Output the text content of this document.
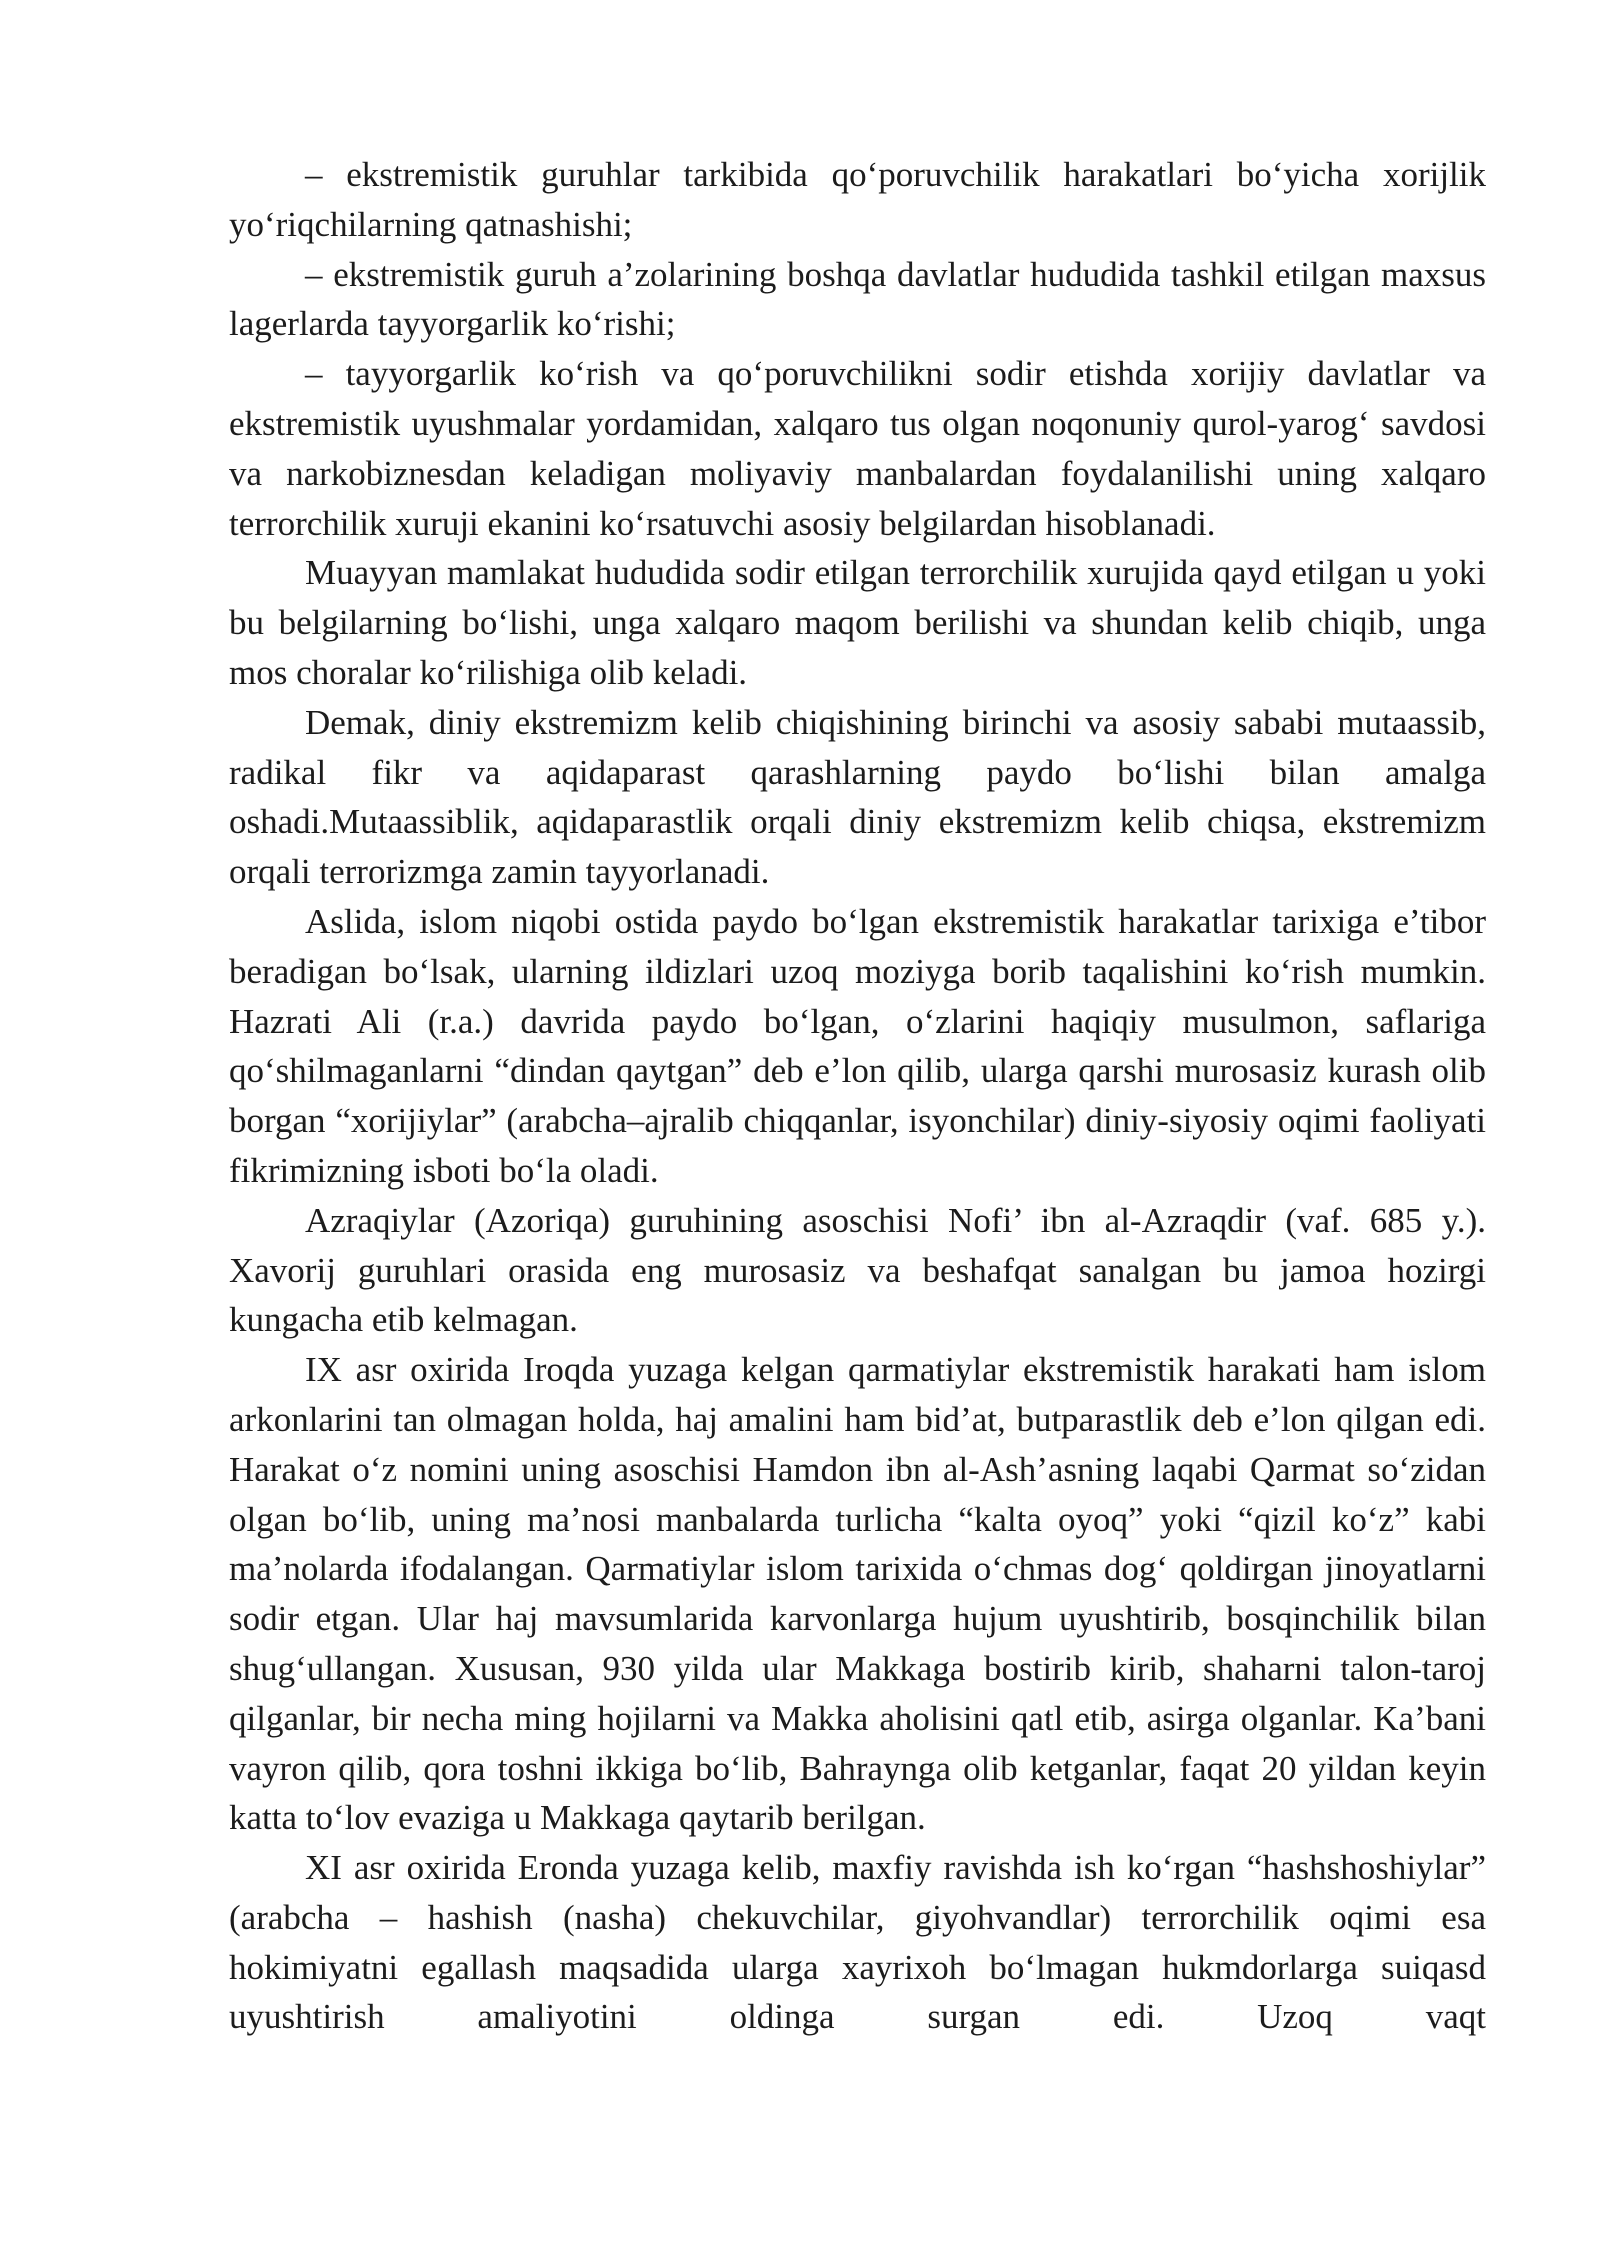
– ekstremistik guruhlar tarkibida qo‘poruvchilik harakatlari bo‘yicha xorijlik yo‘riqchilarning qatnashishi;

– ekstremistik guruh a’zolarining boshqa davlatlar hududida tashkil etilgan maxsus lagerlarda tayyorgarlik ko‘rishi;

– tayyorgarlik ko‘rish va qo‘poruvchilikni sodir etishda xorijiy davlatlar va ekstremistik uyushmalar yordamidan, xalqaro tus olgan noqonuniy qurol-yarog‘ savdosi va narkobiznesdan keladigan moliyaviy manbalardan foydalanilishi uning xalqaro terrorchilik xuruji ekanini ko‘rsatuvchi asosiy belgilardan hisoblanadi.

Muayyan mamlakat hududida sodir etilgan terrorchilik xurujida qayd etilgan u yoki bu belgilarning bo‘lishi, unga xalqaro maqom berilishi va shundan kelib chiqib, unga mos choralar ko‘rilishiga olib keladi.

Demak, diniy ekstremizm kelib chiqishining birinchi va asosiy sababi mutaassib, radikal fikr va aqidaparast qarashlarning paydo bo‘lishi bilan amalga oshadi.Mutaassiblik, aqidaparastlik orqali diniy ekstremizm kelib chiqsa, ekstremizm orqali terrorizmga zamin tayyorlanadi.

Aslida, islom niqobi ostida paydo bo‘lgan ekstremistik harakatlar tarixiga e’tibor beradigan bo‘lsak, ularning ildizlari uzoq moziyga borib taqalishini ko‘rish mumkin. Hazrati Ali (r.a.) davrida paydo bo‘lgan, o‘zlarini haqiqiy musulmon, saflariga qo‘shilmaganlarni “dindan qaytgan” deb e’lon qilib, ularga qarshi murosasiz kurash olib borgan “xorijiylar” (arabcha–ajralib chiqqanlar, isyonchilar) diniy-siyosiy oqimi faoliyati fikrimizning isboti bo‘la oladi.

Azraqiylar (Azoriqa) guruhining asoschisi Nofi’ ibn al-Azraqdir (vaf. 685 y.). Xavorij guruhlari orasida eng murosasiz va beshafqat sanalgan bu jamoa hozirgi kungacha etib kelmagan.

IX asr oxirida Iroqda yuzaga kelgan qarmatiylar ekstremistik harakati ham islom arkonlarini tan olmagan holda, haj amalini ham bid’at, butparastlik deb e’lon qilgan edi. Harakat o‘z nomini uning asoschisi Hamdon ibn al-Ash’asning laqabi Qarmat so‘zidan olgan bo‘lib, uning ma’nosi manbalarda turlicha “kalta oyoq” yoki “qizil ko‘z” kabi ma’nolarda ifodalangan. Qarmatiylar islom tarixida o‘chmas dog‘ qoldirgan jinoyatlarni sodir etgan. Ular haj mavsumlarida karvonlarga hujum uyushtirib, bosqinchilik bilan shug‘ullangan. Xususan, 930 yilda ular Makkaga bostirib kirib, shaharni talon-taroj qilganlar, bir necha ming hojilarni va Makka aholisini qatl etib, asirga olganlar. Ka’bani vayron qilib, qora toshni ikkiga bo‘lib, Bahraynga olib ketganlar, faqat 20 yildan keyin katta to‘lov evaziga u Makkaga qaytarib berilgan.

XI asr oxirida Eronda yuzaga kelib, maxfiy ravishda ish ko‘rgan “hashshoshiylar” (arabcha – hashish (nasha) chekuvchilar, giyohvandlar) terrorchilik oqimi esa hokimiyatni egallash maqsadida ularga xayrixoh bo‘lmagan hukmdorlarga suiqasd uyushtirish amaliyotini oldinga surgan edi. Uzoq vaqt
